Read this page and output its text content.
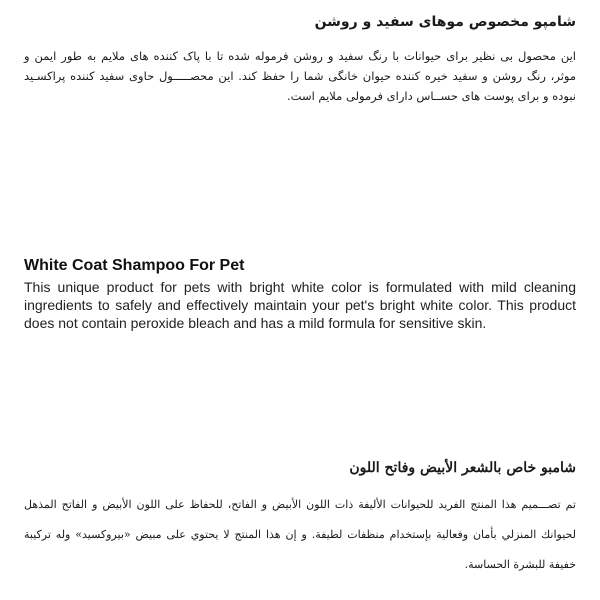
شامپو مخصوص موهای سفید و روشن

این محصول بی نظیر برای حیوانات با رنگ سفید و روشن فرموله شده تا با پاک کننده های ملایم به طور ایمن و موثر، رنگ روشن و سفید خیره کننده حیوان خانگی شما را حفظ کند. این محصـــــول حاوی سفید کننده پراکسـید نبوده و برای پوست های حســاس دارای فرمولی ملایم است.

White Coat Shampoo For Pet

This unique product for pets with bright white color is formulated with mild cleaning ingredients to safely and effectively maintain your pet's bright white color. This product does not contain peroxide bleach and has a mild formula for sensitive skin.

شامبو خاص بالشعر الأبيض وفاتح اللون

تم تصـــميم هذا المنتج الفريد للحيوانات الأليفة ذات اللون الأبيض و الفاتح، للحفاظ على اللون الأبيض و الفاتح المذهل لحيوانك المنزلي بأمان وفعالية بإستخدام منظفات لطيفة. و إن هذا المنتج لا يحتوي على مبيض «بيروكسيد» وله تركيبة خفيفة للبشرة الحساسة.
